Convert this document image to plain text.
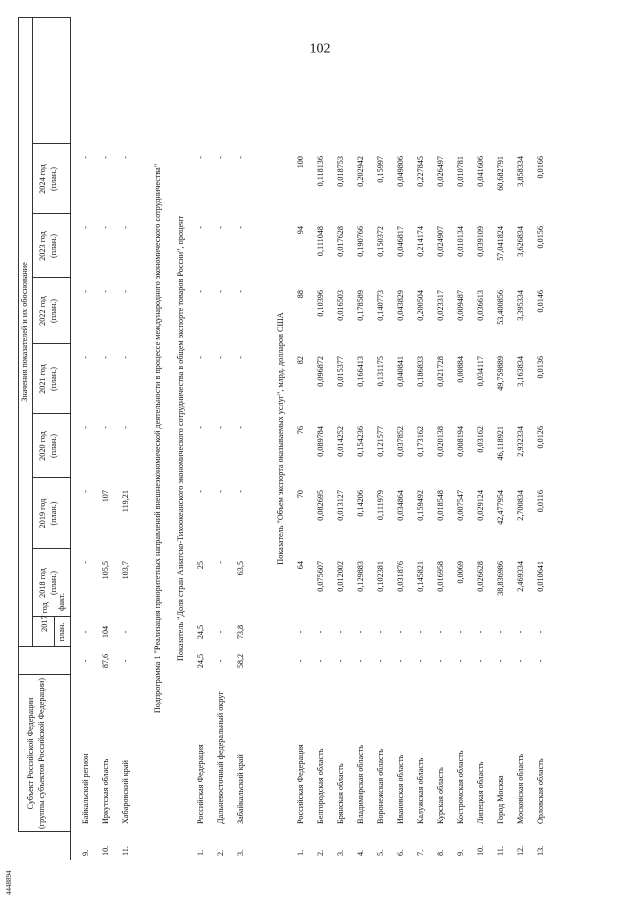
4448894
102
Субъект Российской Федерации (группы субъектов Российской Федерации)
Значения показателей и их обоснование
2017 год
план.
факт.
2018 год (план.)
2019 год (план.)
2020 год (план.)
2021 год (план.)
2022 год (план.)
2023 год (план.)
2024 год (план.)
9.
Байкальский регион
-
-
-
-
-
-
-
-
-
10.
Иркутская область
87,6
104
105,5
107
-
-
-
-
-
11.
Хабаровский край
-
-
103,7
119,21
-
-
-
-
-
Подпрограмма 1 "Реализация приоритетных направлений внешнеэкономической деятельности в процессе международного экономического сотрудничества" Показатель "Доля стран Азиатско-Тихоокеанского экономического сотрудничества в общем экспорте товаров России", процент
1.
Российская Федерация
24,5
24,5
25
-
-
-
-
-
-
2.
Дальневосточный федеральный округ
-
-
-
-
-
-
-
-
-
3.
Забайкальский край
58,2
73,8
63,5
-
-
-
-
-
-
Показатель "Объем экспорта оказываемых услуг", млрд. долларов США
1.
Российская Федерация
-
-
64
70
76
82
88
94
100
2.
Белгородская область
-
-
0,075607
0,082695
0,089784
0,096872
0,10396
0,111048
0,118136
3.
Брянская область
-
-
0,012002
0,013127
0,014252
0,015377
0,016503
0,017628
0,018753
4.
Владимирская область
-
-
0,129883
0,14206
0,154236
0,166413
0,178589
0,190766
0,202942
5.
Воронежская область
-
-
0,102381
0,111979
0,121577
0,131175
0,140773
0,150372
0,15997
6.
Ивановская область
-
-
0,031876
0,034864
0,037852
0,040841
0,043829
0,046817
0,049806
7.
Калужская область
-
-
0,145821
0,159492
0,173162
0,186833
0,200504
0,214174
0,227845
8.
Курская область
-
-
0,016958
0,018548
0,020138
0,021728
0,023317
0,024907
0,026497
9.
Костромская область
-
-
0,0069
0,007547
0,008194
0,00884
0,009487
0,010134
0,010781
10.
Липецкая область
-
-
0,026628
0,029124
0,03162
0,034117
0,036613
0,039109
0,041606
11.
Город Москва
-
-
38,836986
42,477954
46,118921
49,759889
53,400856
57,041824
60,682791
12.
Московская область
-
-
2,469334
2,700834
2,932334
3,163834
3,395334
3,626834
3,858334
13.
Орловская область
-
-
0,010641
0,0116
0,0126
0,0136
0,0146
0,0156
0,0166
